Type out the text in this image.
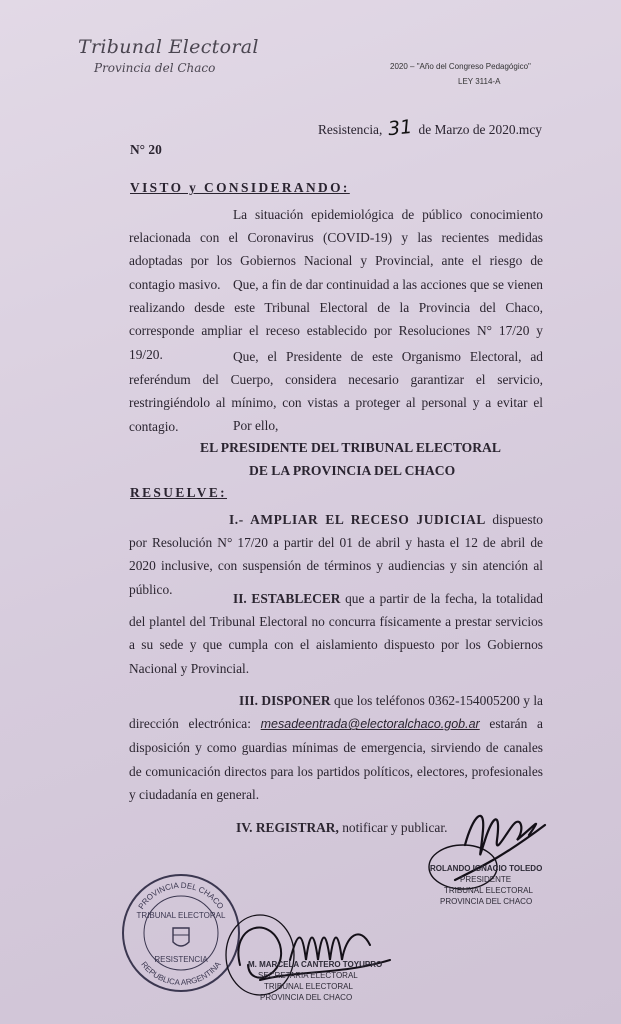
Tribunal Electoral
Provincia del Chaco	2020 – "Año del Congreso Pedagógico"
LEY 3114-A
Resistencia, 31 de Marzo de 2020.mcy
N° 20
VISTO y CONSIDERANDO:
La situación epidemiológica de público conocimiento relacionada con el Coronavirus (COVID-19) y las recientes medidas adoptadas por los Gobiernos Nacional y Provincial, ante el riesgo de contagio masivo. Que, a fin de dar continuidad a las acciones que se vienen realizando desde este Tribunal Electoral de la Provincia del Chaco, corresponde ampliar el receso establecido por Resoluciones N° 17/20 y 19/20.	Que, el Presidente de este Organismo Electoral, ad referéndum del Cuerpo, considera necesario garantizar el servicio, restringiéndolo al mínimo, con vistas a proteger al personal y a evitar el contagio.	Por ello,
EL PRESIDENTE DEL TRIBUNAL ELECTORAL
DE LA PROVINCIA DEL CHACO
RESUELVE:
I.- AMPLIAR EL RECESO JUDICIAL dispuesto por Resolución N° 17/20 a partir del 01 de abril y hasta el 12 de abril de 2020 inclusive, con suspensión de términos y audiencias y sin atención al público.
II. ESTABLECER que a partir de la fecha, la totalidad del plantel del Tribunal Electoral no concurra físicamente a prestar servicios a su sede y que cumpla con el aislamiento dispuesto por los Gobiernos Nacional y Provincial.
III. DISPONER que los teléfonos 0362-154005200 y la dirección electrónica: mesadeentrada@electoralchaco.gob.ar estarán a disposición y como guardias mínimas de emergencia, sirviendo de canales de comunicación directos para los partidos políticos, electores, profesionales y ciudadanía en general.
IV. REGISTRAR, notificar y publicar.
ROLANDO IGNACIO TOLEDO
PRESIDENTE
TRIBUNAL ELECTORAL
PROVINCIA DEL CHACO
PROVINCIA DEL CHACO
REPUBLICA ARGENTINA
TRIBUNAL ELECTORAL
RESISTENCIA
M. MARCELA CANTERO TOYUPRO
SECRETARIA ELECTORAL
TRIBUNAL ELECTORAL
PROVINCIA DEL CHACO
